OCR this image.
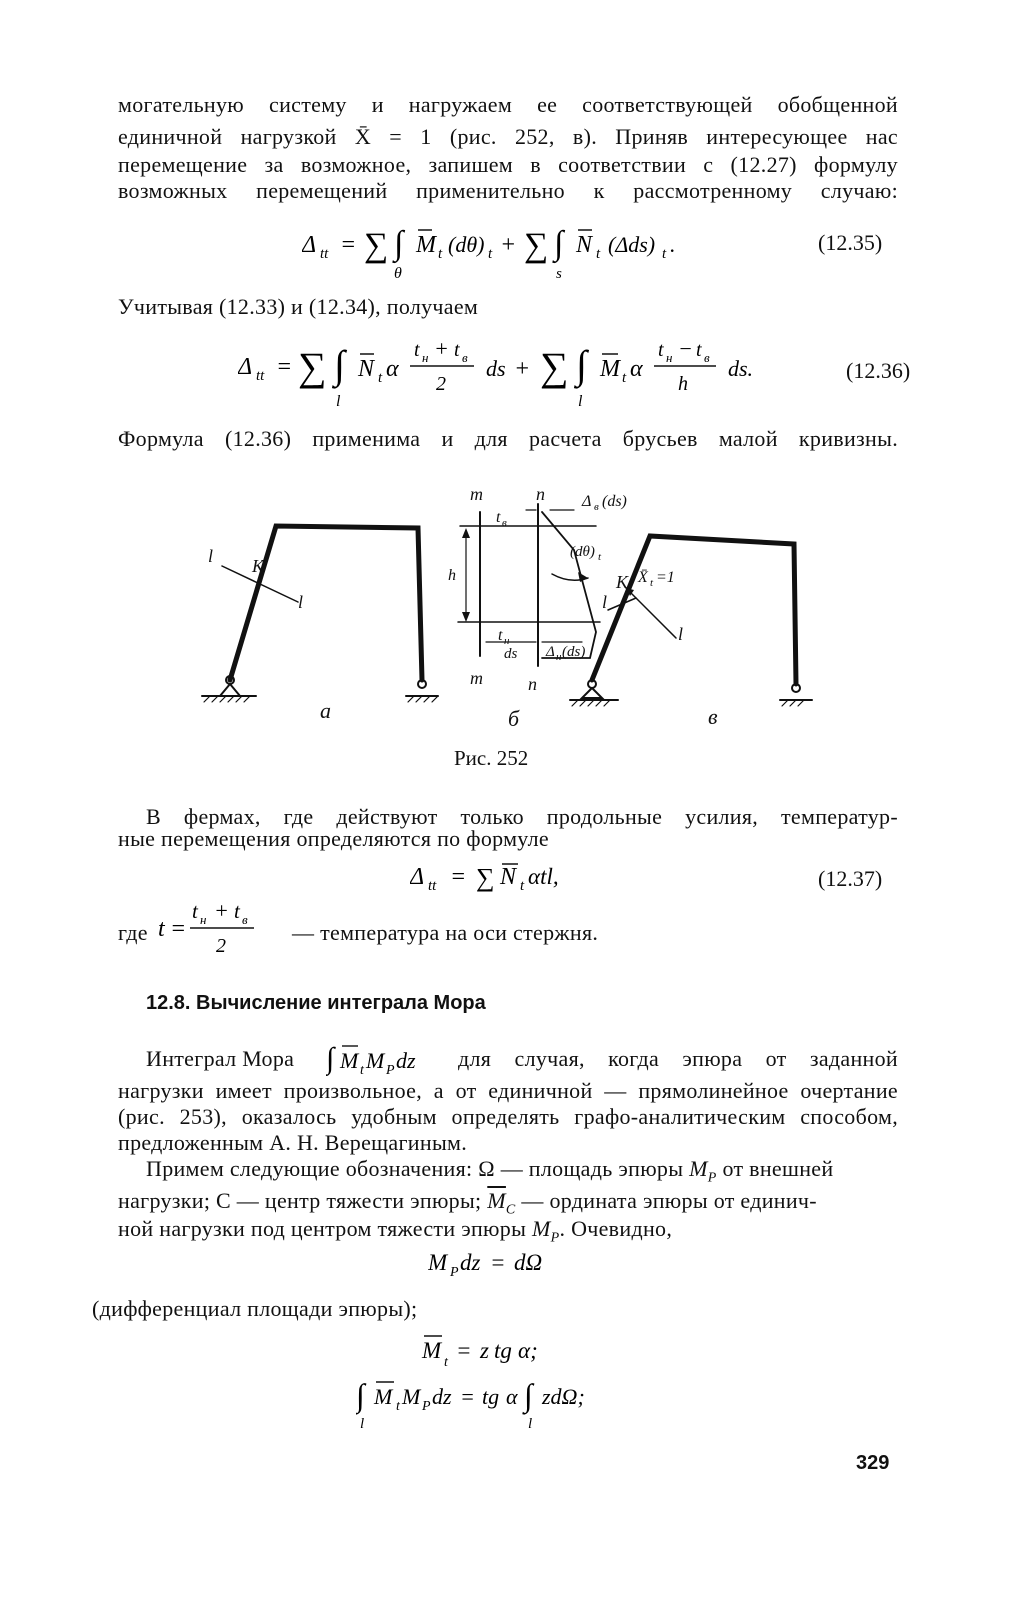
могательную систему и нагружаем ее соответствующей обобщенной
единичной нагрузкой X̄ = 1 (рис. 252, в). Приняв интересующее нас
перемещение за возможное, запишем в соответствии с (12.27) формулу
возможных перемещений применительно к рассмотренному случаю:
Δ tt = ∑ ∫
θ
M t (dθ) t + ∑ ∫
s
N t (Δds) t .	(12.35)
Учитывая (12.33) и (12.34), получаем
Δ tt = ∑ ∫
l
N t α
t н + t в
2
ds + ∑ ∫
l
M t α
t н − t в
h
ds.	(12.36)
Формула (12.36) применима и для расчета брусьев малой кривизны.
K
l
l
m	n Δ в (ds)
t в
h
(dθ) t
t н
ds Δ н (ds)
m	n
K
l
l
X̄ t =1
а	б	в
Рис. 252
В фермах, где действуют только продольные усилия, температур-
ные перемещения определяются по формуле
Δ tt = ∑ N t αtl,	(12.37)
где t =
t н + t в
2
— температура на оси стержня.
12.8. Вычисление интеграла Мора
Интеграл Мора ∫ M t M P dz для случая, когда эпюра от заданной
нагрузки имеет произвольное, а от единичной — прямолинейное очертание
(рис. 253), оказалось удобным определять графо-аналитическим способом,
предложенным А. Н. Верещагиным.
Примем следующие обозначения: Ω — площадь эпюры $M_P$ от внешней
нагрузки; C — центр тяжести эпюры; $\overline{M}_C$ — ордината эпюры от единич-
ной нагрузки под центром тяжести эпюры $M_P$. Очевидно,
M P dz = dΩ
(дифференциал площади эпюры);
M t = z tg α;
∫
l
M t M P dz = tg α ∫
l
zdΩ;
329
